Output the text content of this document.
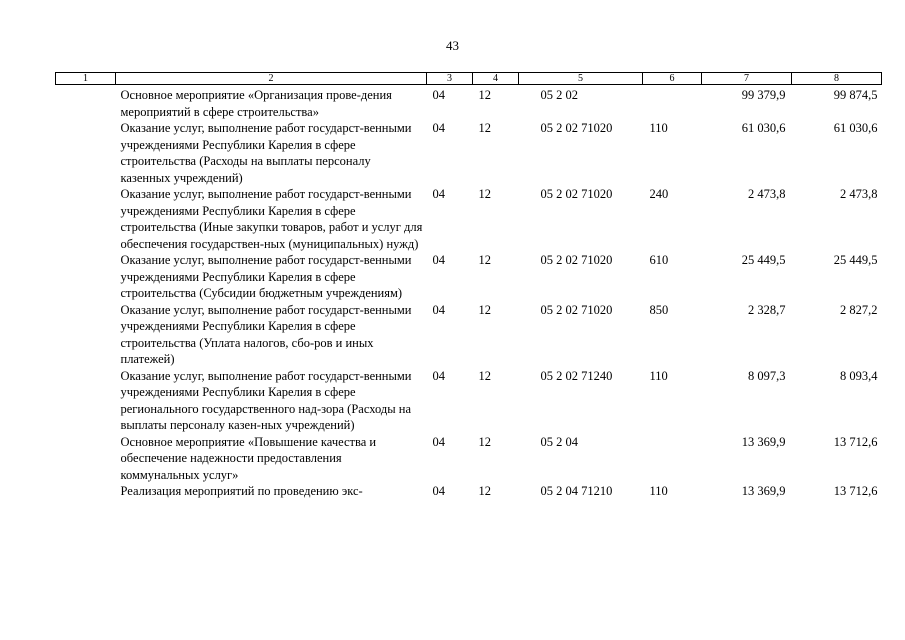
43
1	2	3	4	5	6	7	8
	Основное мероприятие «Организация прове-дения мероприятий в сфере строительства»	04	12	05 2 02		99 379,9	99 874,5
	Оказание услуг, выполнение работ государст-венными учреждениями Республики Карелия в сфере строительства (Расходы на выплаты персоналу казенных учреждений)	04	12	05 2 02 71020	110	61 030,6	61 030,6
	Оказание услуг, выполнение работ государст-венными учреждениями Республики Карелия в сфере строительства (Иные закупки товаров, работ и услуг для обеспечения государствен-ных (муниципальных) нужд)	04	12	05 2 02 71020	240	2 473,8	2 473,8
	Оказание услуг, выполнение работ государст-венными учреждениями Республики Карелия в сфере строительства (Субсидии бюджетным учреждениям)	04	12	05 2 02 71020	610	25 449,5	25 449,5
	Оказание услуг, выполнение работ государст-венными учреждениями Республики Карелия в сфере строительства (Уплата налогов, сбо-ров и иных платежей)	04	12	05 2 02 71020	850	2 328,7	2 827,2
	Оказание услуг, выполнение работ государст-венными учреждениями Республики Карелия в сфере регионального государственного над-зора (Расходы на выплаты персоналу казен-ных учреждений)	04	12	05 2 02 71240	110	8 097,3	8 093,4
	Основное мероприятие «Повышение качества и обеспечение надежности предоставления коммунальных услуг»	04	12	05 2 04		13 369,9	13 712,6
	Реализация мероприятий по проведению экс-	04	12	05 2 04 71210	110	13 369,9	13 712,6
